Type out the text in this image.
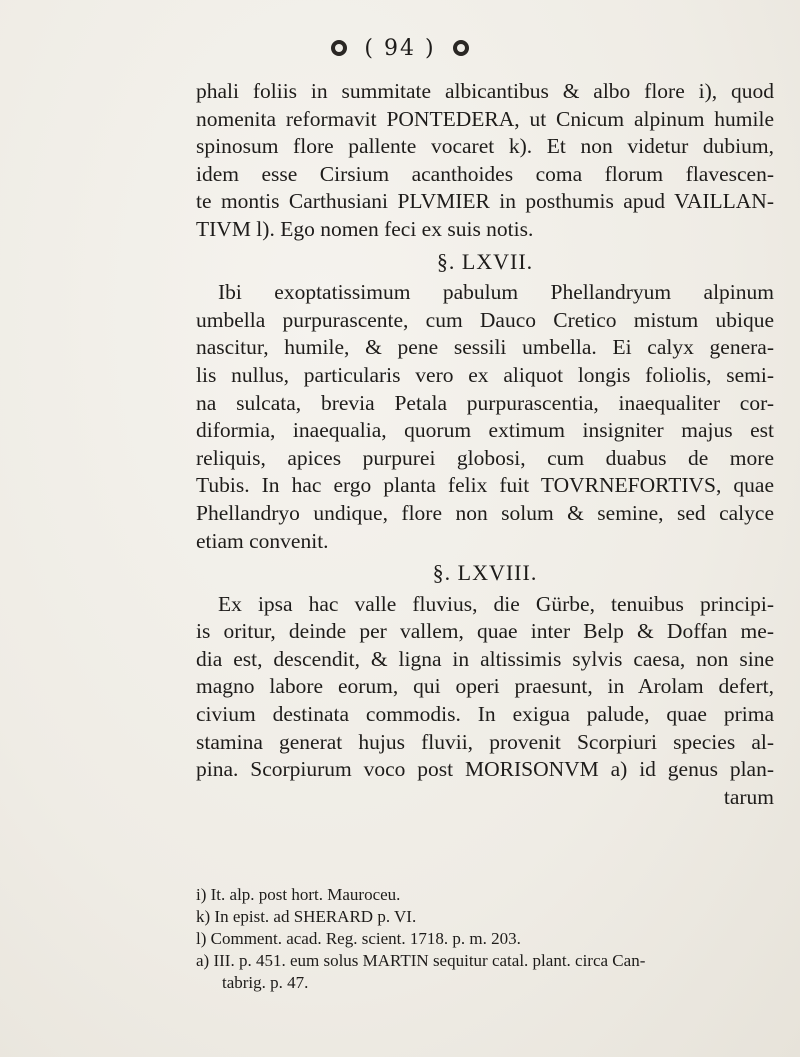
( 94 )
phali foliis in summitate albicantibus & albo flore i), quod
nomenita reformavit PONTEDERA, ut Cnicum alpinum humile
spinosum flore pallente vocaret k). Et non videtur dubium,
idem esse Cirsium acanthoides coma florum flavescen-
te montis Carthusiani PLVMIER in posthumis apud VAILLAN-
TIVM l). Ego nomen feci ex suis notis.
§. LXVII.
Ibi exoptatissimum pabulum Phellandryum alpinum
umbella purpurascente, cum Dauco Cretico mistum ubique
nascitur, humile, & pene sessili umbella. Ei calyx genera-
lis nullus, particularis vero ex aliquot longis foliolis, semi-
na sulcata, brevia Petala purpurascentia, inaequaliter cor-
diformia, inaequalia, quorum extimum insigniter majus est
reliquis, apices purpurei globosi, cum duabus de more
Tubis. In hac ergo planta felix fuit TOVRNEFORTIVS, quae
Phellandryo undique, flore non solum & semine, sed calyce
etiam convenit.
§. LXVIII.
Ex ipsa hac valle fluvius, die Gürbe, tenuibus principi-
is oritur, deinde per vallem, quae inter Belp & Doffan me-
dia est, descendit, & ligna in altissimis sylvis caesa, non sine
magno labore eorum, qui operi praesunt, in Arolam defert,
civium destinata commodis. In exigua palude, quae prima
stamina generat hujus fluvii, provenit Scorpiuri species al-
pina. Scorpiurum voco post MORISONVM a) id genus plan-
tarum
i) It. alp. post hort. Mauroceu.
k) In epist. ad SHERARD p. VI.
l) Comment. acad. Reg. scient. 1718. p. m. 203.
a) III. p. 451. eum solus MARTIN sequitur catal. plant. circa Can-
tabrig. p. 47.
